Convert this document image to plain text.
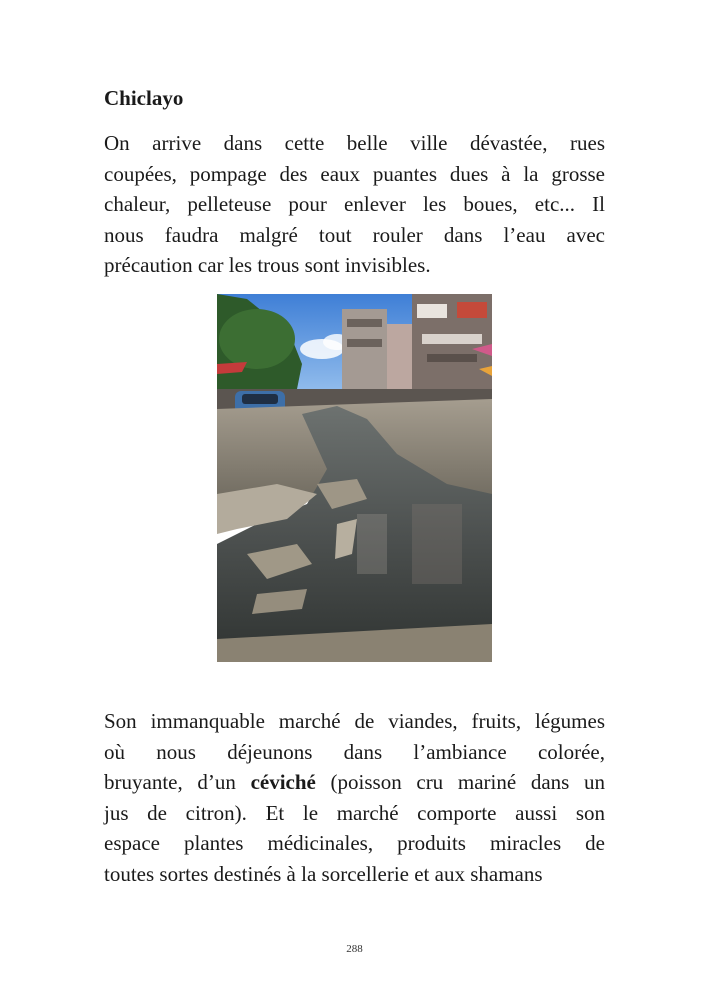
Chiclayo
On arrive dans cette belle ville dévastée, rues
coupées, pompage des eaux puantes dues à la grosse
chaleur, pelleteuse pour enlever les boues, etc... Il
nous faudra malgré tout rouler dans l’eau avec
précaution car les trous sont invisibles.
Son immanquable marché de viandes, fruits, légumes
où nous déjeunons dans l’ambiance colorée,
bruyante, d’un céviché (poisson cru mariné dans un
jus de citron). Et le marché comporte aussi son
espace plantes médicinales, produits miracles de
toutes sortes destinés à la sorcellerie et aux shamans
288
